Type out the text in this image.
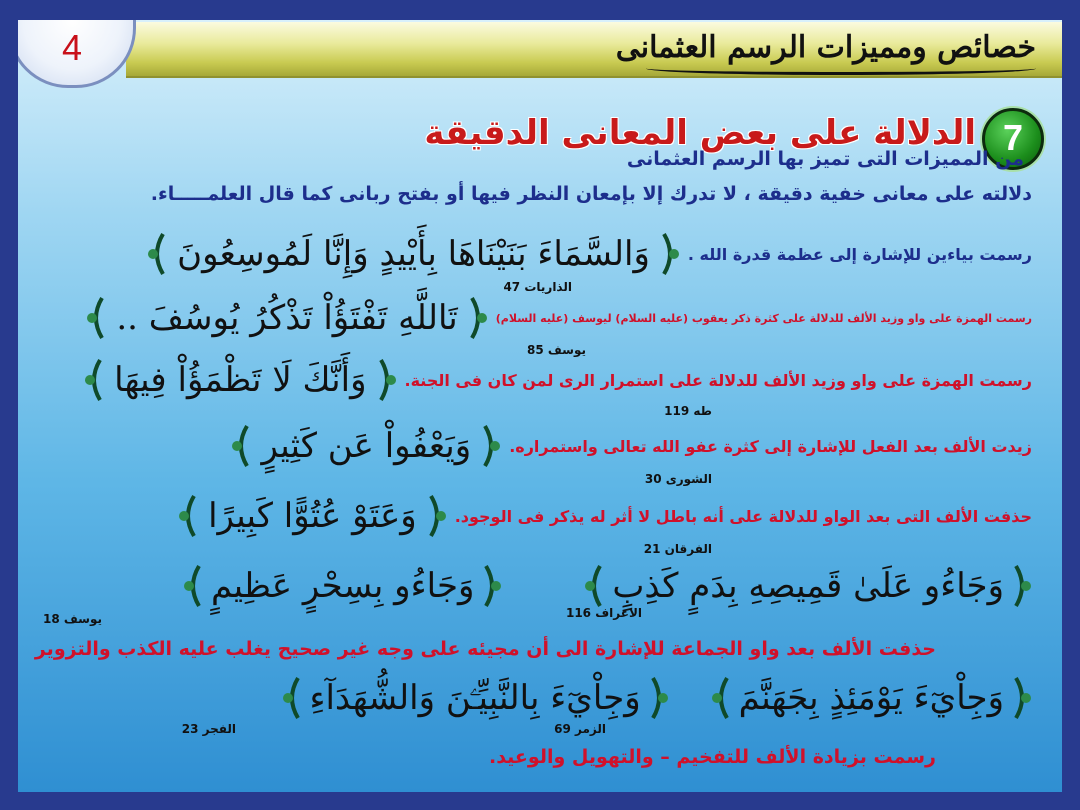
خصائص ومميزات الرسم العثمانى
4
7
الدلالة على بعض المعانى الدقيقة
من المميزات التى تميز بها الرسم العثمانى
دلالته على معانى خفية دقيقة ، لا تدرك إلا بإمعان النظر فيها أو بفتح ربانى كما قال العلمـــــاء.
وَالسَّمَاءَ بَنَيْنَاهَا بِأَيْيدٍ وَإِنَّا لَمُوسِعُونَ رسمت بياءين للإشارة إلى عظمة قدرة الله .
الذاريات 47
تَاللَّهِ تَفْتَؤُاْ تَذْكُرُ يُوسُفَ ..	رسمت الهمزة على واو وزيد الألف للدلالة على كثرة ذكر يعقوب (عليه السلام) ليوسف (عليه السلام)
يوسف 85
وَأَنَّكَ لَا تَظْمَؤُاْ فِيهَا رسمت الهمزة على واو وزيد الألف للدلالة على استمرار الرى لمن كان فى الجنة.
طه 119
وَيَعْفُواْ عَن كَثِيرٍ زيدت الألف بعد الفعل للإشارة إلى كثرة عفو الله تعالى واستمراره.
الشورى 30
وَعَتَوْ عُتُوًّا كَبِيرًا حذفت الألف التى بعد الواو للدلالة على أنه باطل لا أثر له يذكر فى الوجود.
الفرقان 21
وَجَاءُو بِسِحْرٍ عَظِيمٍ	وَجَاءُو عَلَىٰ قَمِيصِهِ بِدَمٍ كَذِبٍ
الاعراف 116
يوسف 18
حذفت الألف بعد واو الجماعة للإشارة الى أن مجيئه على وجه غير صحيح يغلب عليه الكذب والتزوير
وَجِاْيٓءَ بِالنَّبِيِّـۧنَ وَالشُّهَدَآءِ	وَجِاْيٓءَ يَوْمَئِذٍ بِجَهَنَّمَ
الزمر 69
الفجر 23
رسمت بزيادة الألف للتفخيم – والتهويل والوعيد.
